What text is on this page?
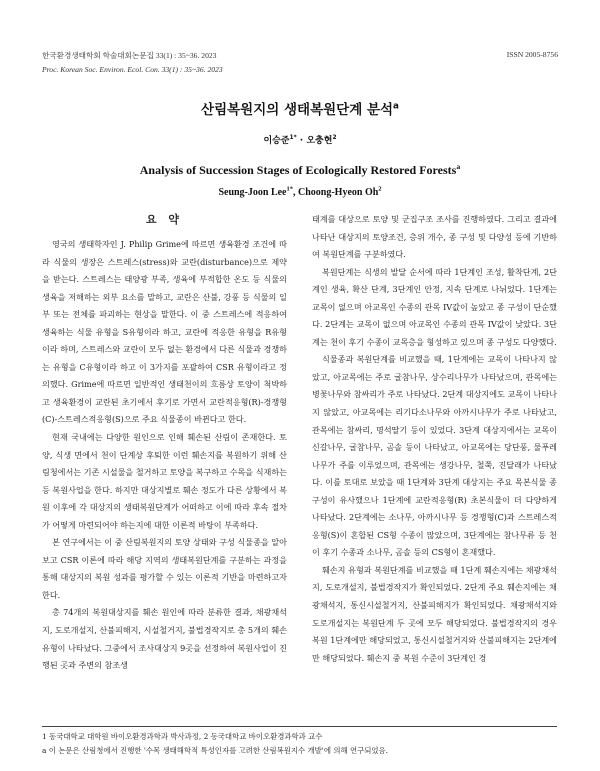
한국환경생태학회 학술대회논문집 33(1) : 35~36. 2023
Proc. Korean Soc. Environ. Ecol. Con. 33(1) : 35~36. 2023
ISSN 2005-8756
산림복원지의 생태복원단계 분석$^a$
이승준$^{1*}$ · 오충현$^2$
Analysis of Succession Stages of Ecologically Restored Forests$^a$
Seung-Joon Lee$^{1*}$, Choong-Hyeon Oh$^2$
요 약

영국의 생태학자인 J. Philip Grime에 따르면 생육환경 조건에 따라 식물의 생장은 스트레스(stress)와 교란(disturbance)으로 제약을 받는다. 스트레스는 태양광 부족, 생육에 부적합한 온도 등 식물의 생육을 저해하는 외부 요소를 말하고, 교란은 산불, 강풍 등 식물의 일부 또는 전체를 파괴하는 현상을 말한다. 이 중 스트레스에 적응하여 생육하는 식물 유형을 S유형이라 하고, 교란에 적응한 유형을 R유형이라 하며, 스트레스와 교란이 모두 없는 환경에서 다른 식물과 경쟁하는 유형을 C유형이라 하고 이 3가지를 포괄하여 CSR 유형이라고 정의했다. Grime에 따르면 일반적인 생태천이의 흐름상 토양이 척박하고 생육환경이 교란된 초기에서 후기로 가면서 교란적응형(R)-경쟁형(C)-스트레스적응형(S)으로 주요 식물종이 바뀐다고 한다.

현재 국내에는 다양한 원인으로 인해 훼손된 산림이 존재한다. 토양, 식생 면에서 천이 단계상 후퇴한 이런 훼손지를 복원하기 위해 산림청에서는 기존 시설물을 철거하고 토양을 복구하고 수목을 식재하는 등 복원사업을 한다. 하지만 대상지별로 훼손 정도가 다른 상황에서 복원 이후에 각 대상지의 생태복원단계가 어떠하고 이에 따라 후속 절차가 어떻게 마련되어야 하는지에 대한 이론적 바탕이 부족하다.

본 연구에서는 이 중 산림복원지의 토양 상태와 구성 식물종을 알아보고 CSR 이론에 따라 해당 지역의 생태복원단계를 구분하는 과정을 통해 대상지의 복원 성과를 평가할 수 있는 이론적 기반을 마련하고자 한다.

총 74개의 복원대상지를 훼손 원인에 따라 분류한 결과, 채광채석지, 도로개설지, 산불피해지, 시설철거지, 불법경작지로 총 5개의 훼손유형이 나타났다. 그중에서 조사대상지 9곳을 선정하여 복원사업이 진행된 곳과 주변의 참조생

태계를 대상으로 토양 및 군집구조 조사를 진행하였다. 그리고 결과에 나타난 대상지의 토양조건, 층위 개수, 종 구성 및 다양성 등에 기반하여 복원단계를 구분하였다.

복원단계는 식생의 발달 순서에 따라 1단계인 조성, 활착단계, 2단계인 생육, 확산 단계, 3단계인 안정, 지속 단계로 나뉘었다. 1단계는 교목이 없으며 아교목인 수종의 관목 IV값이 높았고 종 구성이 단순했다. 2단계는 교목이 없으며 아교목인 수종의 관목 IV값이 낮았다. 3단계는 천이 후기 수종이 교목층을 형성하고 있으며 종 구성도 다양했다.

식물종과 복원단계를 비교했을 때, 1단계에는 교목이 나타나지 않았고, 아교목에는 주로 굴참나무, 상수리나무가 나타났으며, 관목에는 병꽃나무와 참싸리가 주로 나타났다. 2단계 대상지에도 교목이 나타나지 않았고, 아교목에는 리기다소나무와 아까시나무가 주로 나타났고, 관목에는 참싸리, 명석딸기 등이 있었다. 3단계 대상지에서는 교목이 신갈나무, 굴참나무, 곰솔 등이 나타났고, 아교목에는 당단풍, 물푸레나무가 주를 이루었으며, 관목에는 생강나무, 철쭉, 진달래가 나타났다. 이를 토대로 보았을 때 1단계와 3단계 대상지는 주요 목본식물 종 구성이 유사했으나 1단계에 교란적응형(R) 초본식물이 더 다양하게 나타났다. 2단계에는 소나무, 아까시나무 등 경쟁형(C)과 스트레스적응형(S)이 혼합된 CS형 수종이 많았으며, 3단계에는 참나무류 등 천이 후기 수종과 소나무, 곰솔 등의 CS형이 혼재했다.

훼손지 유형과 복원단계를 비교했을 때 1단계 훼손지에는 채광채석지, 도로개설지, 불법경작지가 확인되었다. 2단계 주요 훼손지에는 채광채석지, 통신시설철거지, 산불피해지가 확인되었다. 채광채석지와 도로개설지는 복원단계 두 곳에 모두 해당되었다. 불법경작지의 경우 복원 1단계에만 해당되었고, 통신시설철거지와 산불피해지는 2단계에만 해당되었다. 훼손지 중 복원 수준이 3단계인 경

1 동국대학교 대학원 바이오환경과학과 박사과정, 2 동국대학교 바이오환경과학과 교수
a 이 논문은 산림청에서 진행한 '수목 생태해학적 특성인자를 고려한 산림복원지수 개발'에 의해 연구되었음.
